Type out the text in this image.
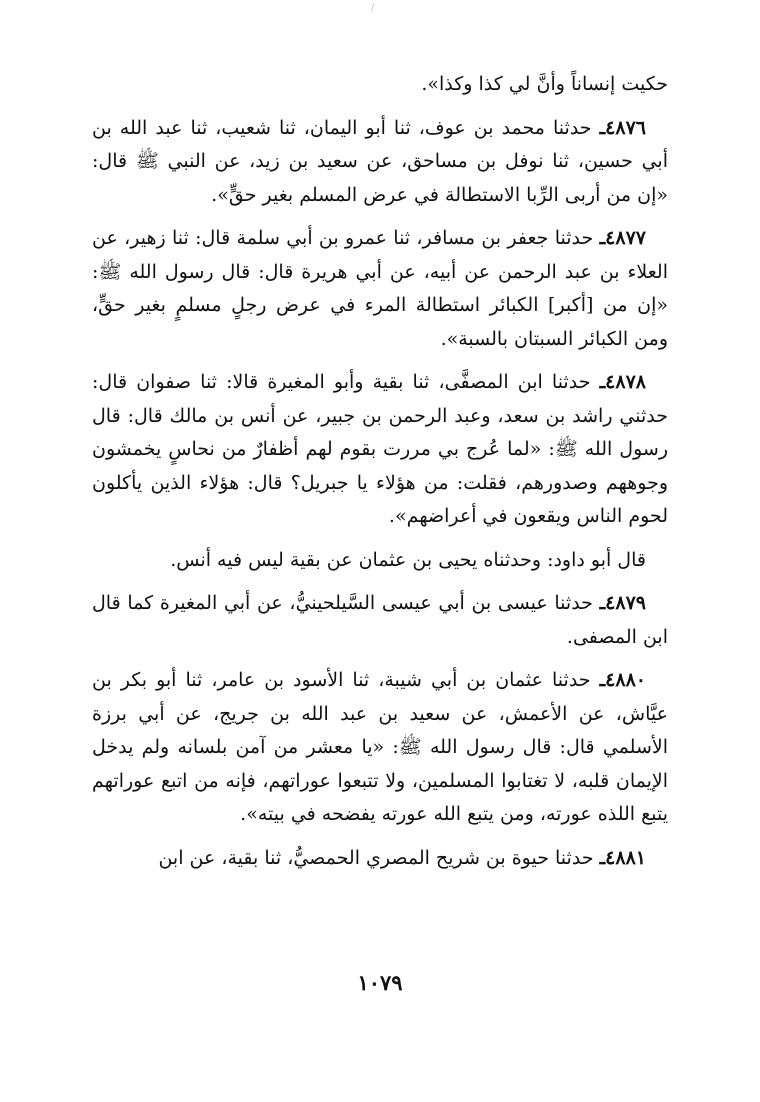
حكيت إنساناً وأنَّ لي كذا وكذا».

٤٨٧٦ـ حدثنا محمد بن عوف، ثنا أبو اليمان، ثنا شعيب، ثنا عبد الله بن أبي حسين، ثنا نوفل بن مساحق، عن سعيد بن زيد، عن النبي ﷺ قال: «إن من أربى الرِّبا الاستطالة في عرض المسلم بغير حقٍّ».

٤٨٧٧ـ حدثنا جعفر بن مسافر، ثنا عمرو بن أبي سلمة قال: ثنا زهير، عن العلاء بن عبد الرحمن عن أبيه، عن أبي هريرة قال: قال رسول الله ﷺ: «إن من [أكبر] الكبائر استطالة المرء في عرض رجلٍ مسلمٍ بغير حقٍّ، ومن الكبائر السبتان بالسبة».

٤٨٧٨ـ حدثنا ابن المصفَّى، ثنا بقية وأبو المغيرة قالا: ثنا صفوان قال: حدثني راشد بن سعد، وعبد الرحمن بن جبير، عن أنس بن مالك قال: قال رسول الله ﷺ: «لما عُرج بي مررت بقوم لهم أظفارٌ من نحاسٍ يخمشون وجوههم وصدورهم، فقلت: من هؤلاء يا جبريل؟ قال: هؤلاء الذين يأكلون لحوم الناس ويقعون في أعراضهم».

قال أبو داود: وحدثناه يحيى بن عثمان عن بقية ليس فيه أنس.

٤٨٧٩ـ حدثنا عيسى بن أبي عيسى السَّيلحينيُّ، عن أبي المغيرة كما قال ابن المصفى.

٤٨٨٠ـ حدثنا عثمان بن أبي شيبة، ثنا الأسود بن عامر، ثنا أبو بكر بن عيَّاش، عن الأعمش، عن سعيد بن عبد الله بن جريج، عن أبي برزة الأسلمي قال: قال رسول الله ﷺ: «يا معشر من آمن بلسانه ولم يدخل الإيمان قلبه، لا تغتابوا المسلمين، ولا تتبعوا عوراتهم، فإنه من اتبع عوراتهم يتبع اللذه عورته، ومن يتبع الله عورته يفضحه في بيته».

٤٨٨١ـ حدثنا حيوة بن شريح المصري الحمصيُّ، ثنا بقية، عن ابن

١٠٧٩
